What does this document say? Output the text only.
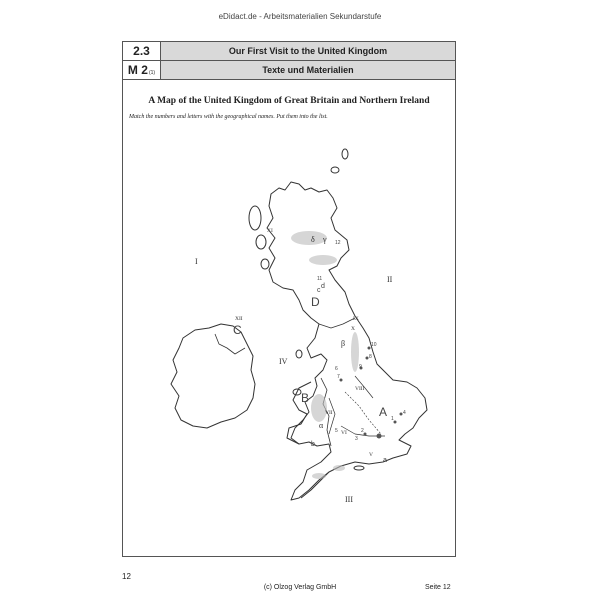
eDidact.de - Arbeitsmaterialien Sekundarstufe
2.3	Our First Visit to the United Kingdom
M 2 (1)	Texte und Materialien
A Map of the United Kingdom of Great Britain and Northern Ireland
Match the numbers and letters with the geographical names. Put them into the list.
I
II
III
IV
A
B
C
D
V
VI
VII
VIII
IX
X
XI
XII
α
β
γ
δ
1
2
3
4
5
6
7
8
9
10
11
12
a
b
c
d
12
(c) Olzog Verlag GmbH	Seite 12
